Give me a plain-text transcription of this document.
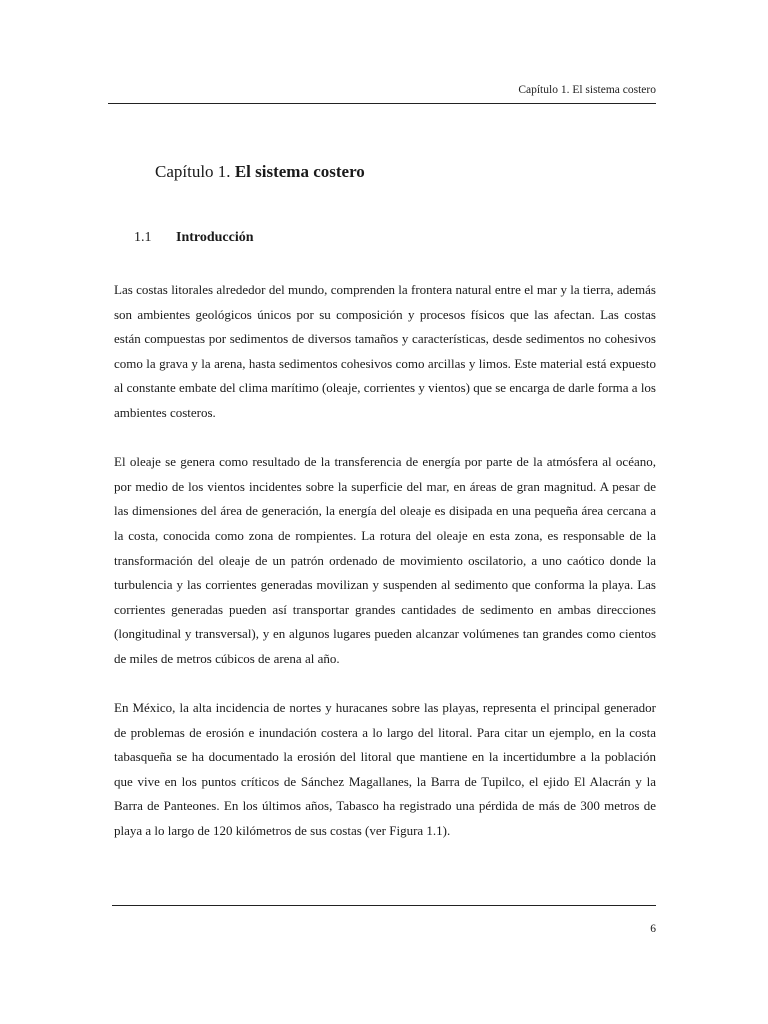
Capítulo 1. El sistema costero
Capítulo 1. El sistema costero
1.1 Introducción

Las costas litorales alrededor del mundo, comprenden la frontera natural entre el mar y la tierra, además son ambientes geológicos únicos por su composición y procesos físicos que las afectan. Las costas están compuestas por sedimentos de diversos tamaños y características, desde sedimentos no cohesivos como la grava y la arena, hasta sedimentos cohesivos como arcillas y limos. Este material está expuesto al constante embate del clima marítimo (oleaje, corrientes y vientos) que se encarga de darle forma a los ambientes costeros.

El oleaje se genera como resultado de la transferencia de energía por parte de la atmósfera al océano, por medio de los vientos incidentes sobre la superficie del mar, en áreas de gran magnitud. A pesar de las dimensiones del área de generación, la energía del oleaje es disipada en una pequeña área cercana a la costa, conocida como zona de rompientes. La rotura del oleaje en esta zona, es responsable de la transformación del oleaje de un patrón ordenado de movimiento oscilatorio, a uno caótico donde la turbulencia y las corrientes generadas movilizan y suspenden al sedimento que conforma la playa. Las corrientes generadas pueden así transportar grandes cantidades de sedimento en ambas direcciones (longitudinal y transversal), y en algunos lugares pueden alcanzar volúmenes tan grandes como cientos de miles de metros cúbicos de arena al año.

En México, la alta incidencia de nortes y huracanes sobre las playas, representa el principal generador de problemas de erosión e inundación costera a lo largo del litoral. Para citar un ejemplo, en la costa tabasqueña se ha documentado la erosión del litoral que mantiene en la incertidumbre a la población que vive en los puntos críticos de Sánchez Magallanes, la Barra de Tupilco, el ejido El Alacrán y la Barra de Panteones. En los últimos años, Tabasco ha registrado una pérdida de más de 300 metros de playa a lo largo de 120 kilómetros de sus costas (ver Figura 1.1).

6
